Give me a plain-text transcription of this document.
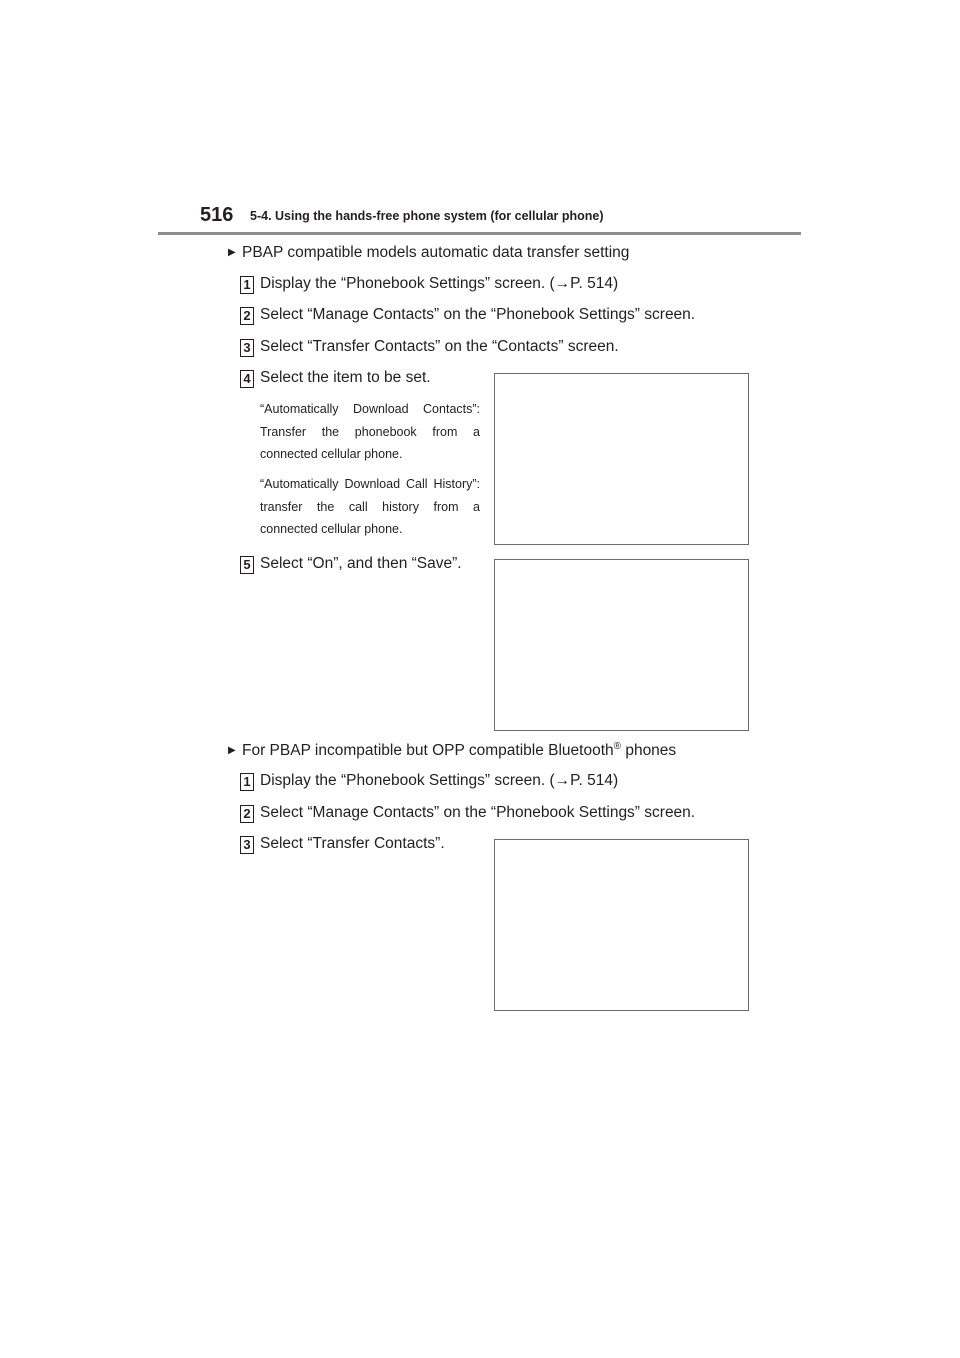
516 5-4. Using the hands-free phone system (for cellular phone)
▶ PBAP compatible models automatic data transfer setting
1 Display the “Phonebook Settings” screen. (→P. 514)
2 Select “Manage Contacts” on the “Phonebook Settings” screen.
3 Select “Transfer Contacts” on the “Contacts” screen.
4 Select the item to be set.
“Automatically Download Contacts”: Transfer the phonebook from a connected cellular phone.
“Automatically Download Call History”: transfer the call history from a connected cellular phone.
5 Select “On”, and then “Save”.
▶ For PBAP incompatible but OPP compatible Bluetooth® phones
1 Display the “Phonebook Settings” screen. (→P. 514)
2 Select “Manage Contacts” on the “Phonebook Settings” screen.
3 Select “Transfer Contacts”.
